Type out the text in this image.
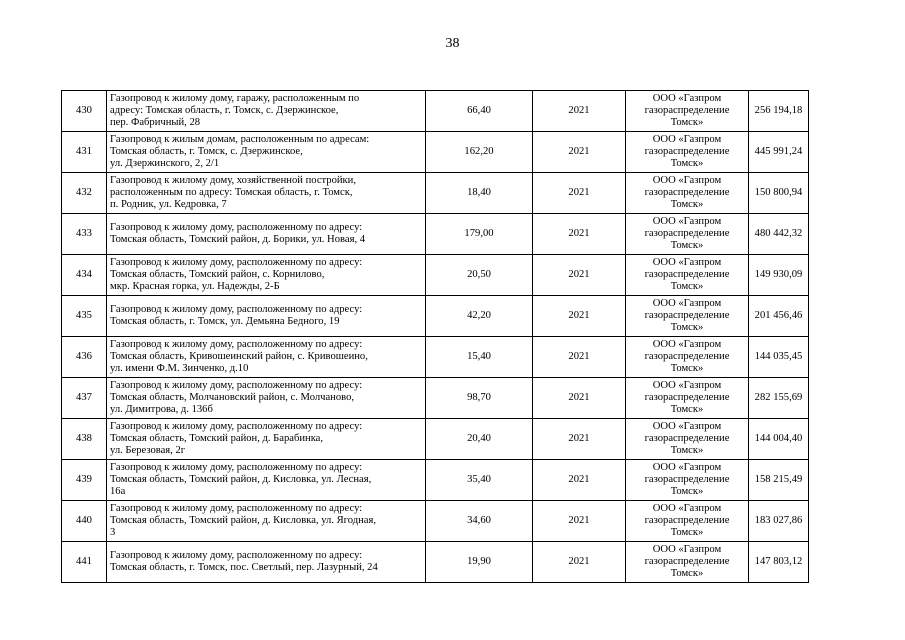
38
430	Газопровод к жилому дому, гаражу, расположенным по
адресу: Томская область, г. Томск, с. Дзержинское,
пер. Фабричный, 28	66,40	2021	ООО «Газпром
газораспределение
Томск»	256 194,18
431	Газопровод к жилым домам, расположенным по адресам:
Томская область, г. Томск, с. Дзержинское,
ул. Дзержинского, 2, 2/1	162,20	2021	ООО «Газпром
газораспределение
Томск»	445 991,24
432	Газопровод к жилому дому, хозяйственной постройки,
расположенным по адресу: Томская область, г. Томск,
п. Родник, ул. Кедровка, 7	18,40	2021	ООО «Газпром
газораспределение
Томск»	150 800,94
433	Газопровод к жилому дому, расположенному по адресу:
Томская область, Томский район, д. Борики, ул. Новая, 4	179,00	2021	ООО «Газпром
газораспределение
Томск»	480 442,32
434	Газопровод к жилому дому, расположенному по адресу:
Томская область, Томский район, с. Корнилово,
мкр. Красная горка, ул. Надежды, 2-Б	20,50	2021	ООО «Газпром
газораспределение
Томск»	149 930,09
435	Газопровод к жилому дому, расположенному по адресу:
Томская область, г. Томск, ул. Демьяна Бедного, 19	42,20	2021	ООО «Газпром
газораспределение
Томск»	201 456,46
436	Газопровод к жилому дому, расположенному по адресу:
Томская область, Кривошеинский район, с. Кривошеино,
ул. имени Ф.М. Зинченко, д.10	15,40	2021	ООО «Газпром
газораспределение
Томск»	144 035,45
437	Газопровод к жилому дому, расположенному по адресу:
Томская область, Молчановский район, с. Молчаново,
ул. Димитрова, д. 136б	98,70	2021	ООО «Газпром
газораспределение
Томск»	282 155,69
438	Газопровод к жилому дому, расположенному по адресу:
Томская область, Томский район, д. Барабинка,
ул. Березовая, 2г	20,40	2021	ООО «Газпром
газораспределение
Томск»	144 004,40
439	Газопровод к жилому дому, расположенному по адресу:
Томская область, Томский район, д. Кисловка, ул. Лесная,
16а	35,40	2021	ООО «Газпром
газораспределение
Томск»	158 215,49
440	Газопровод к жилому дому, расположенному по адресу:
Томская область, Томский район, д. Кисловка, ул. Ягодная,
3	34,60	2021	ООО «Газпром
газораспределение
Томск»	183 027,86
441	Газопровод к жилому дому, расположенному по адресу:
Томская область, г. Томск, пос. Светлый, пер. Лазурный, 24	19,90	2021	ООО «Газпром
газораспределение
Томск»	147 803,12
